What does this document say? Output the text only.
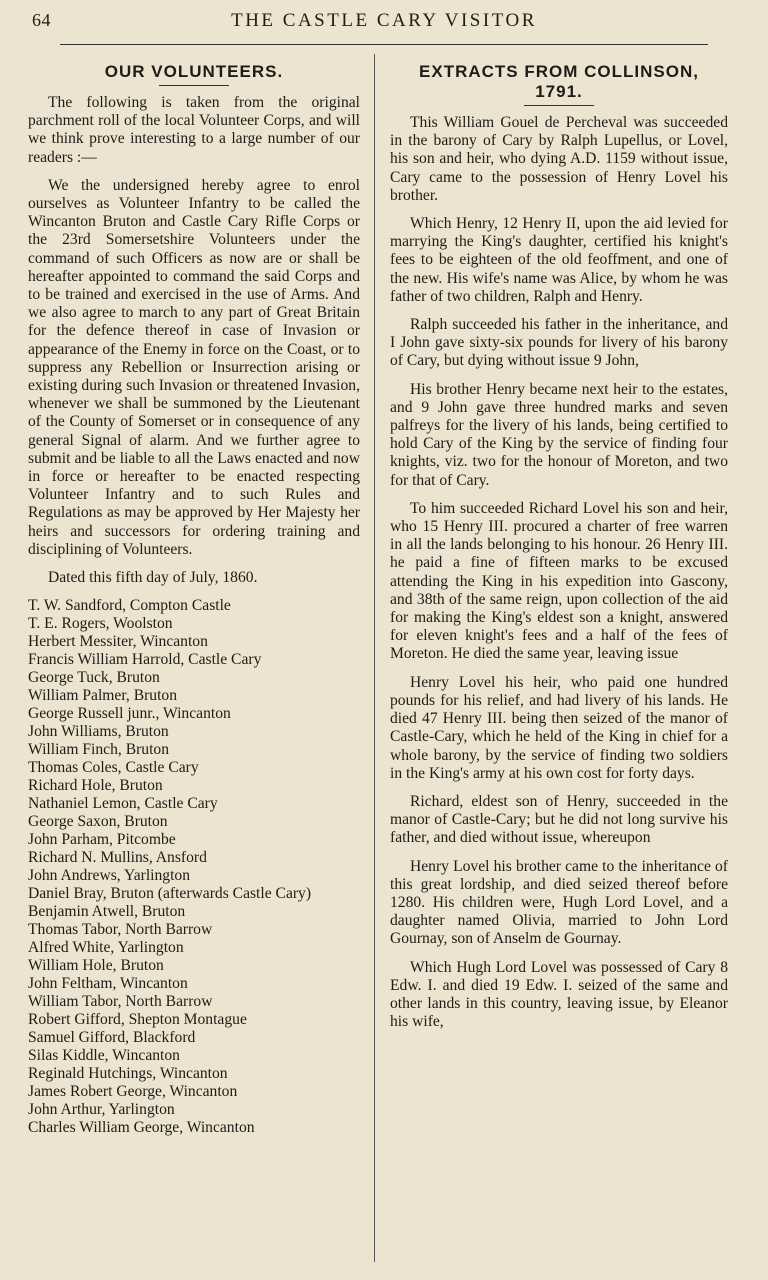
64	THE CASTLE CARY VISITOR
OUR VOLUNTEERS.

The following is taken from the original parchment roll of the local Volunteer Corps, and will we think prove interesting to a large number of our readers :—

We the undersigned hereby agree to enrol ourselves as Volunteer Infantry to be called the Wincanton Bruton and Castle Cary Rifle Corps or the 23rd Somersetshire Volunteers under the command of such Officers as now are or shall be hereafter appointed to command the said Corps and to be trained and exercised in the use of Arms. And we also agree to march to any part of Great Britain for the defence thereof in case of Invasion or appearance of the Enemy in force on the Coast, or to suppress any Rebellion or Insurrection arising or existing during such Invasion or threatened Invasion, whenever we shall be summoned by the Lieutenant of the County of Somerset or in consequence of any general Signal of alarm. And we further agree to submit and be liable to all the Laws enacted and now in force or hereafter to be enacted respecting Volunteer Infantry and to such Rules and Regulations as may be approved by Her Majesty her heirs and successors for ordering training and disciplining of Volunteers.

Dated this fifth day of July, 1860.

T. W. Sandford, Compton Castle
T. E. Rogers, Woolston
Herbert Messiter, Wincanton
Francis William Harrold, Castle Cary
George Tuck, Bruton
William Palmer, Bruton
George Russell junr., Wincanton
John Williams, Bruton
William Finch, Bruton
Thomas Coles, Castle Cary
Richard Hole, Bruton
Nathaniel Lemon, Castle Cary
George Saxon, Bruton
John Parham, Pitcombe
Richard N. Mullins, Ansford
John Andrews, Yarlington
Daniel Bray, Bruton (afterwards Castle Cary)
Benjamin Atwell, Bruton
Thomas Tabor, North Barrow
Alfred White, Yarlington
William Hole, Bruton
John Feltham, Wincanton
William Tabor, North Barrow
Robert Gifford, Shepton Montague
Samuel Gifford, Blackford
Silas Kiddle, Wincanton
Reginald Hutchings, Wincanton
James Robert George, Wincanton
John Arthur, Yarlington
Charles William George, Wincanton
EXTRACTS FROM COLLINSON,
1791.

This William Gouel de Percheval was succeeded in the barony of Cary by Ralph Lupellus, or Lovel, his son and heir, who dying A.D. 1159 without issue, Cary came to the possession of Henry Lovel his brother.

Which Henry, 12 Henry II, upon the aid levied for marrying the King's daughter, certified his knight's fees to be eighteen of the old feoffment, and one of the new. His wife's name was Alice, by whom he was father of two children, Ralph and Henry.

Ralph succeeded his father in the inheritance, and I John gave sixty-six pounds for livery of his barony of Cary, but dying without issue 9 John,

His brother Henry became next heir to the estates, and 9 John gave three hundred marks and seven palfreys for the livery of his lands, being certified to hold Cary of the King by the service of finding four knights, viz. two for the honour of Moreton, and two for that of Cary.

To him succeeded Richard Lovel his son and heir, who 15 Henry III. procured a charter of free warren in all the lands belonging to his honour. 26 Henry III. he paid a fine of fifteen marks to be excused attending the King in his expedition into Gascony, and 38th of the same reign, upon collection of the aid for making the King's eldest son a knight, answered for eleven knight's fees and a half of the fees of Moreton. He died the same year, leaving issue

Henry Lovel his heir, who paid one hundred pounds for his relief, and had livery of his lands. He died 47 Henry III. being then seized of the manor of Castle-Cary, which he held of the King in chief for a whole barony, by the service of finding two soldiers in the King's army at his own cost for forty days.

Richard, eldest son of Henry, succeeded in the manor of Castle-Cary; but he did not long survive his father, and died without issue, whereupon

Henry Lovel his brother came to the inheritance of this great lordship, and died seized thereof before 1280. His children were, Hugh Lord Lovel, and a daughter named Olivia, married to John Lord Gournay, son of Anselm de Gournay.

Which Hugh Lord Lovel was possessed of Cary 8 Edw. I. and died 19 Edw. I. seized of the same and other lands in this country, leaving issue, by Eleanor his wife,
